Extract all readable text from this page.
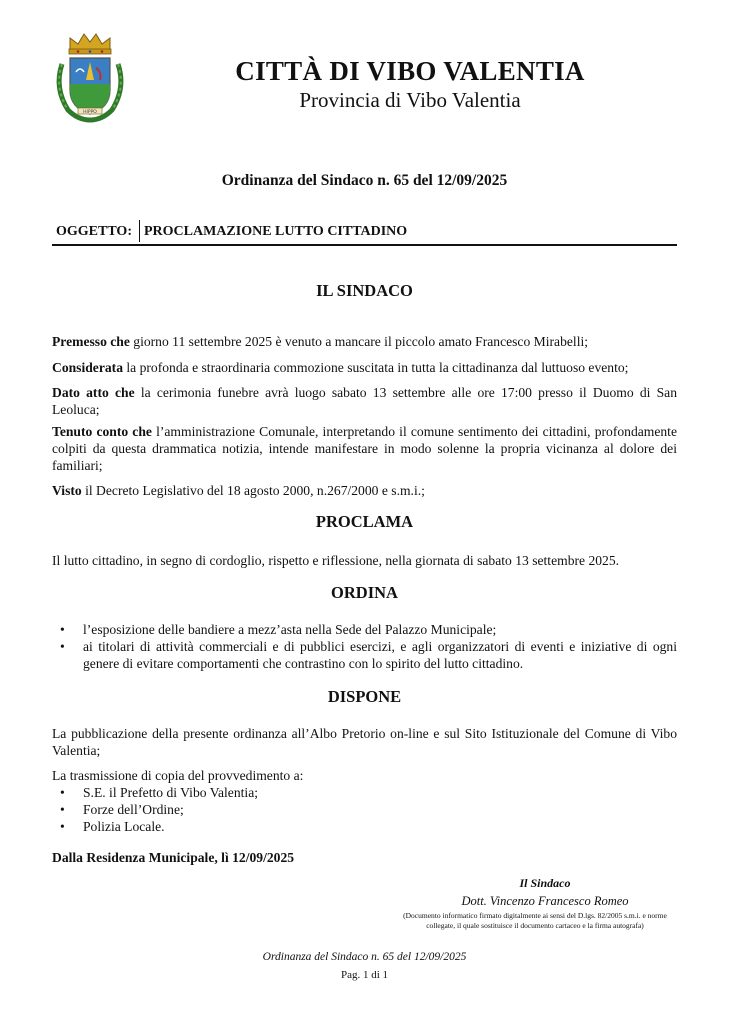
HIPPO
CITTÀ DI VIBO VALENTIA
Provincia di Vibo Valentia
Ordinanza del Sindaco n. 65 del 12/09/2025
OGGETTO: PROCLAMAZIONE LUTTO CITTADINO
IL SINDACO
Premesso che giorno 11 settembre 2025 è venuto a mancare il piccolo amato Francesco Mirabelli;
Considerata la profonda e straordinaria commozione suscitata in tutta la cittadinanza dal luttuoso evento;
Dato atto che la cerimonia funebre avrà luogo sabato 13 settembre alle ore 17:00 presso il Duomo di San Leoluca;
Tenuto conto che l’amministrazione Comunale, interpretando il comune sentimento dei cittadini, profondamente colpiti da questa drammatica notizia, intende manifestare in modo solenne la propria vicinanza al dolore dei familiari;
Visto il Decreto Legislativo del 18 agosto 2000, n.267/2000 e s.m.i.;
PROCLAMA
Il lutto cittadino, in segno di cordoglio, rispetto e riflessione, nella giornata di sabato 13 settembre 2025.
ORDINA
• l’esposizione delle bandiere a mezz’asta nella Sede del Palazzo Municipale;
• ai titolari di attività commerciali e di pubblici esercizi, e agli organizzatori di eventi e iniziative di ogni genere di evitare comportamenti che contrastino con lo spirito del lutto cittadino.
DISPONE
La pubblicazione della presente ordinanza all’Albo Pretorio on-line e sul Sito Istituzionale del Comune di Vibo Valentia;
La trasmissione di copia del provvedimento a:
• S.E. il Prefetto di Vibo Valentia;
• Forze dell’Ordine;
• Polizia Locale.
Dalla Residenza Municipale, lì 12/09/2025
Il Sindaco
Dott. Vincenzo Francesco Romeo
(Documento informatico firmato digitalmente ai sensi del D.lgs. 82/2005 s.m.i. e norme collegate, il quale sostituisce il documento cartaceo e la firma autografa)
Ordinanza del Sindaco n. 65 del 12/09/2025
Pag. 1 di 1
